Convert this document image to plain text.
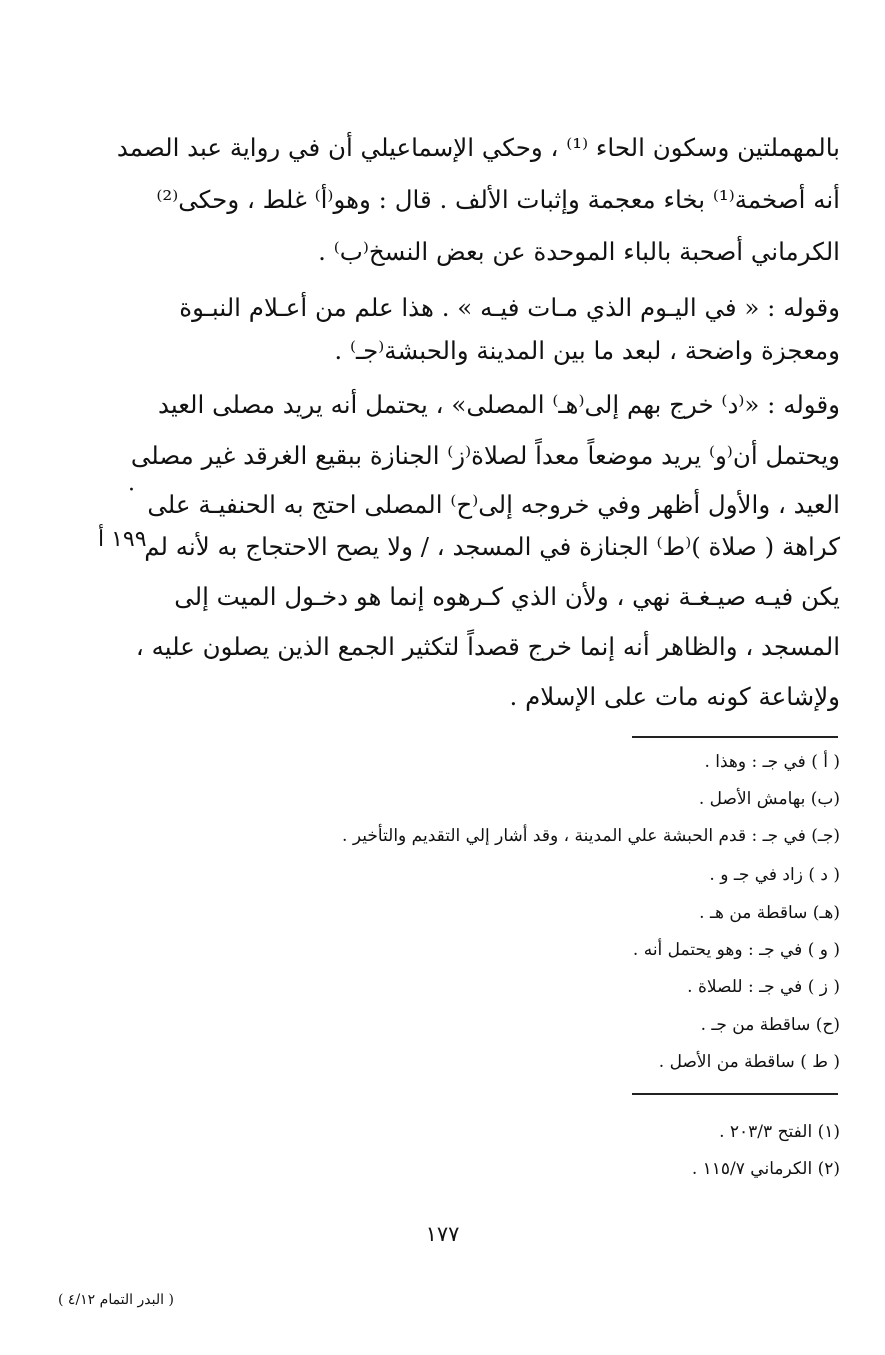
بالمهملتين وسكون الحاء ⁽¹⁾ ، وحكي الإسماعيلي أن في رواية عبد الصمد
أنه أصخمة⁽¹⁾ بخاء معجمة وإثبات الألف . قال : وهو⁽أ⁾ غلط ، وحكى⁽²⁾
الكرماني أصحبة بالباء الموحدة عن بعض النسخ⁽ب⁾ .
وقوله : « في اليـوم الذي مـات فيـه » . هذا علم من أعـلام النبـوة
ومعجزة واضحة ، لبعد ما بين المدينة والحبشة⁽جـ⁾ .
وقوله : «⁽د⁾ خرج بهم إلى⁽هـ⁾ المصلى» ، يحتمل أنه يريد مصلى العيد
ويحتمل أن⁽و⁾ يريد موضعاً معداً لصلاة⁽ز⁾ الجنازة ببقيع الغرقد غير مصلى
العيد ، والأول أظهر وفي خروجه إلى⁽ح⁾ المصلى احتج به الحنفيـة على
كراهة ( صلاة )⁽ط⁾ الجنازة في المسجد ، / ولا يصح الاحتجاج به لأنه لم
يكن فيـه صيـغـة نهي ، ولأن الذي كـرهوه إنما هو دخـول الميت إلى
المسجد ، والظاهر أنه إنما خرج قصداً لتكثير الجمع الذين يصلون عليه ،
ولإشاعة كونه مات على الإسلام .
·
١٩٩ أ
( أ ) في جـ : وهذا .
(ب) بهامش الأصل .
(جـ) في جـ : قدم الحبشة علي المدينة ، وقد أشار إلي التقديم والتأخير .
( د ) زاد في جـ و .
(هـ) ساقطة من هـ .
( و ) في جـ : وهو يحتمل أنه .
( ز ) في جـ : للصلاة .
(ح) ساقطة من جـ .
( ط ) ساقطة من الأصل .
(١) الفتح ٢٠٣/٣ .
(٢) الكرماني ١١٥/٧ .
١٧٧
( البدر التمام ٤/١٢ )
